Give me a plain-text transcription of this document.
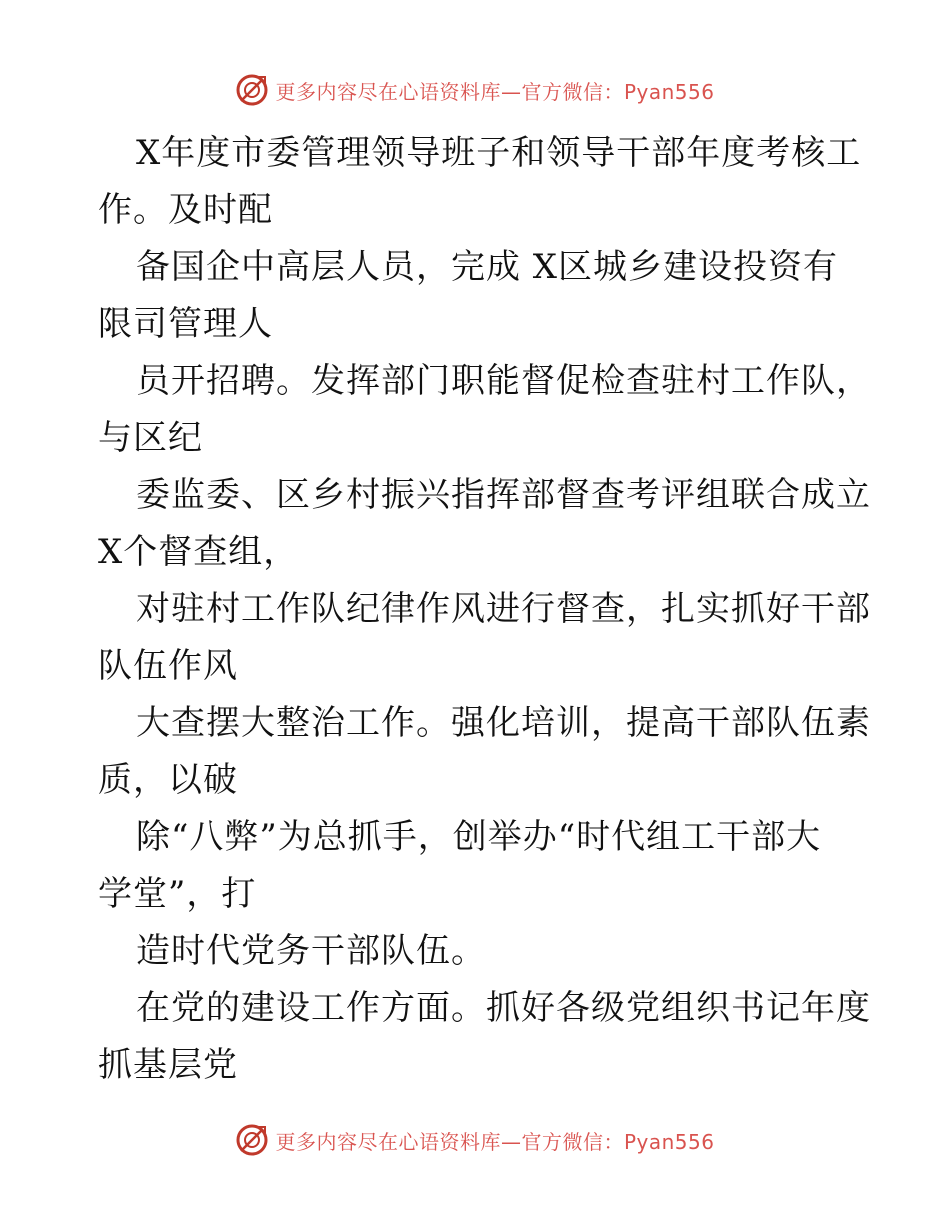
更多内容尽在心语资料库—官方微信：Pyan556
X年度市委管理领导班子和领导干部年度考核工
作。及时配
备国企中高层人员，完成 X区城乡建设投资有
限司管理人
员开招聘。发挥部门职能督促检查驻村工作队，
与区纪
委监委、区乡村振兴指挥部督查考评组联合成立
X个督查组，
对驻村工作队纪律作风进行督查，扎实抓好干部
队伍作风
大查摆大整治工作。强化培训，提高干部队伍素
质，以破
除“八弊”为总抓手，创举办“时代组工干部大
学堂”，打
造时代党务干部队伍。
在党的建设工作方面。抓好各级党组织书记年度
抓基层党
更多内容尽在心语资料库—官方微信：Pyan556
